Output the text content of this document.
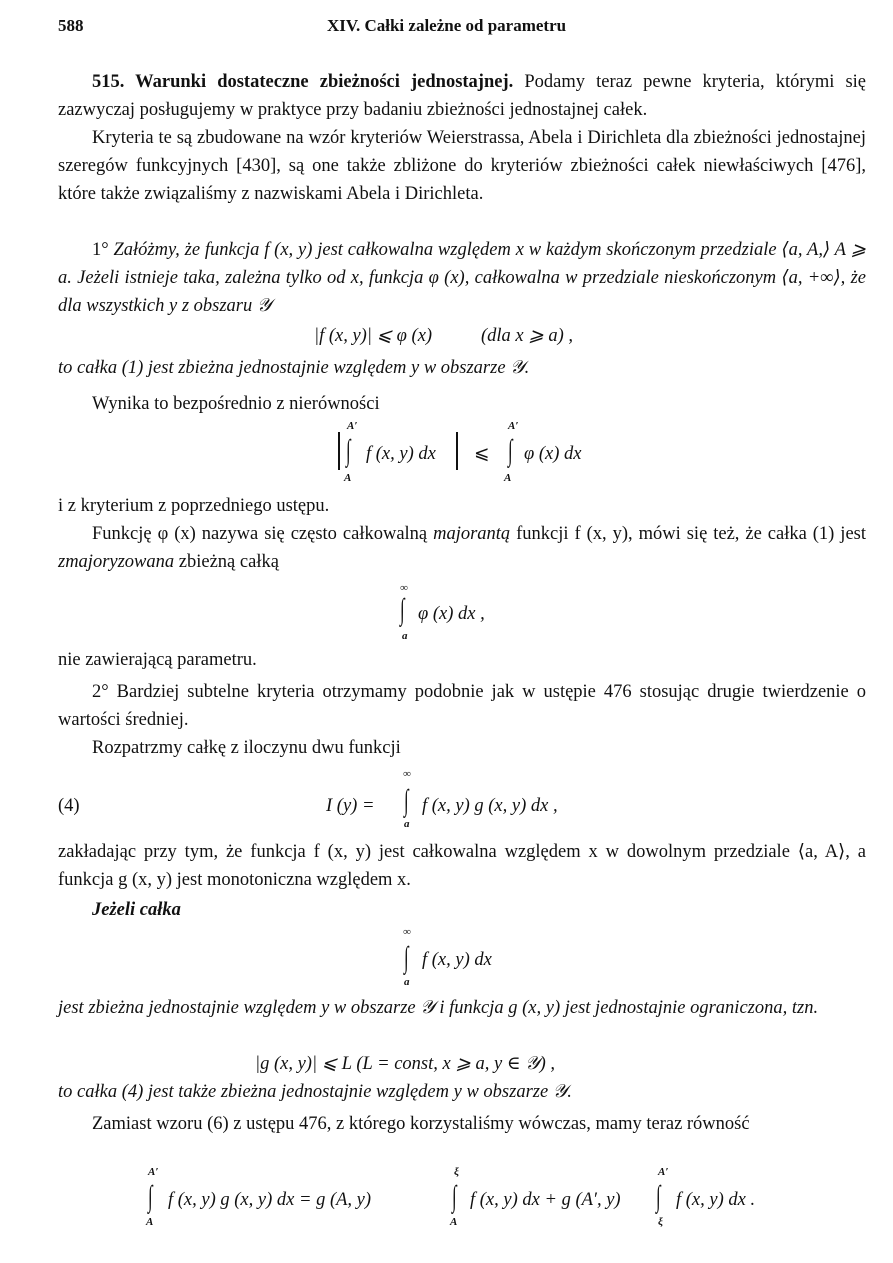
588	XIV. Całki zależne od parametru
515. Warunki dostateczne zbieżności jednostajnej. Podamy teraz pewne kryteria, którymi się zazwyczaj posługujemy w praktyce przy badaniu zbieżności jednostajnej całek.
Kryteria te są zbudowane na wzór kryteriów Weierstrassa, Abela i Dirichleta dla zbieżności jednostajnej szeregów funkcyjnych [430], są one także zbliżone do kryteriów zbieżności całek niewłaściwych [476], które także związaliśmy z nazwiskami Abela i Dirichleta.
1° Załóżmy, że funkcja f (x, y) jest całkowalna względem x w każdym skończonym przedziale ⟨a, A,⟩ A ⩾ a. Jeżeli istnieje taka, zależna tylko od x, funkcja φ (x), całkowalna w przedziale nieskończonym ⟨a, +∞⟩, że dla wszystkich y z obszaru 𝒴
|f (x, y)| ⩽ φ (x)	(dla x ⩾ a) ,
to całka (1) jest zbieżna jednostajnie względem y w obszarze 𝒴.
Wynika to bezpośrednio z nierówności
A′
∫
A
f (x, y) dx ⩽
A′
∫
A
φ (x) dx
i z kryterium z poprzedniego ustępu.
Funkcję φ (x) nazywa się często całkowalną majorantą funkcji f (x, y), mówi się też, że całka (1) jest zmajoryzowana zbieżną całką
∞
∫
a
φ (x) dx ,
nie zawierającą parametru.
2° Bardziej subtelne kryteria otrzymamy podobnie jak w ustępie 476 stosując drugie twierdzenie o wartości średniej.
Rozpatrzmy całkę z iloczynu dwu funkcji
(4)	I (y) =
∞
∫
a
f (x, y) g (x, y) dx ,
zakładając przy tym, że funkcja f (x, y) jest całkowalna względem x w dowolnym przedziale ⟨a, A⟩, a funkcja g (x, y) jest monotoniczna względem x.
Jeżeli całka
∞
∫
a
f (x, y) dx
jest zbieżna jednostajnie względem y w obszarze 𝒴 i funkcja g (x, y) jest jednostajnie ograniczona, tzn.
|g (x, y)| ⩽ L (L = const, x ⩾ a, y ∈ 𝒴) ,
to całka (4) jest także zbieżna jednostajnie względem y w obszarze 𝒴.
Zamiast wzoru (6) z ustępu 476, z którego korzystaliśmy wówczas, mamy teraz równość
A′
∫
A
f (x, y) g (x, y) dx = g (A, y)
ξ
∫
A
f (x, y) dx + g (A′, y)
A′
∫
ξ
f (x, y) dx .
